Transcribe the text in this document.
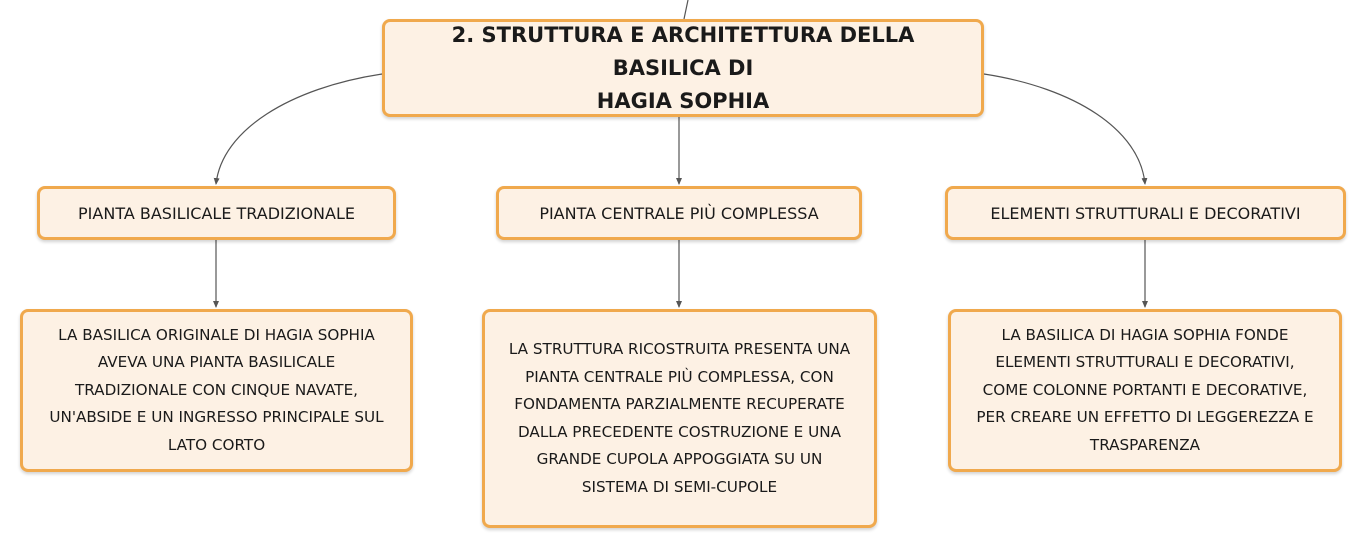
2. STRUTTURA E ARCHITETTURA DELLA BASILICA DI
HAGIA SOPHIA
PIANTA BASILICALE TRADIZIONALE	PIANTA CENTRALE PIÙ COMPLESSA	ELEMENTI STRUTTURALI E DECORATIVI
LA BASILICA ORIGINALE DI HAGIA SOPHIA
AVEVA UNA PIANTA BASILICALE
TRADIZIONALE CON CINQUE NAVATE,
UN'ABSIDE E UN INGRESSO PRINCIPALE SUL
LATO CORTO
LA STRUTTURA RICOSTRUITA PRESENTA UNA
PIANTA CENTRALE PIÙ COMPLESSA, CON
FONDAMENTA PARZIALMENTE RECUPERATE
DALLA PRECEDENTE COSTRUZIONE E UNA
GRANDE CUPOLA APPOGGIATA SU UN
SISTEMA DI SEMI-CUPOLE
LA BASILICA DI HAGIA SOPHIA FONDE
ELEMENTI STRUTTURALI E DECORATIVI,
COME COLONNE PORTANTI E DECORATIVE,
PER CREARE UN EFFETTO DI LEGGEREZZA E
TRASPARENZA
